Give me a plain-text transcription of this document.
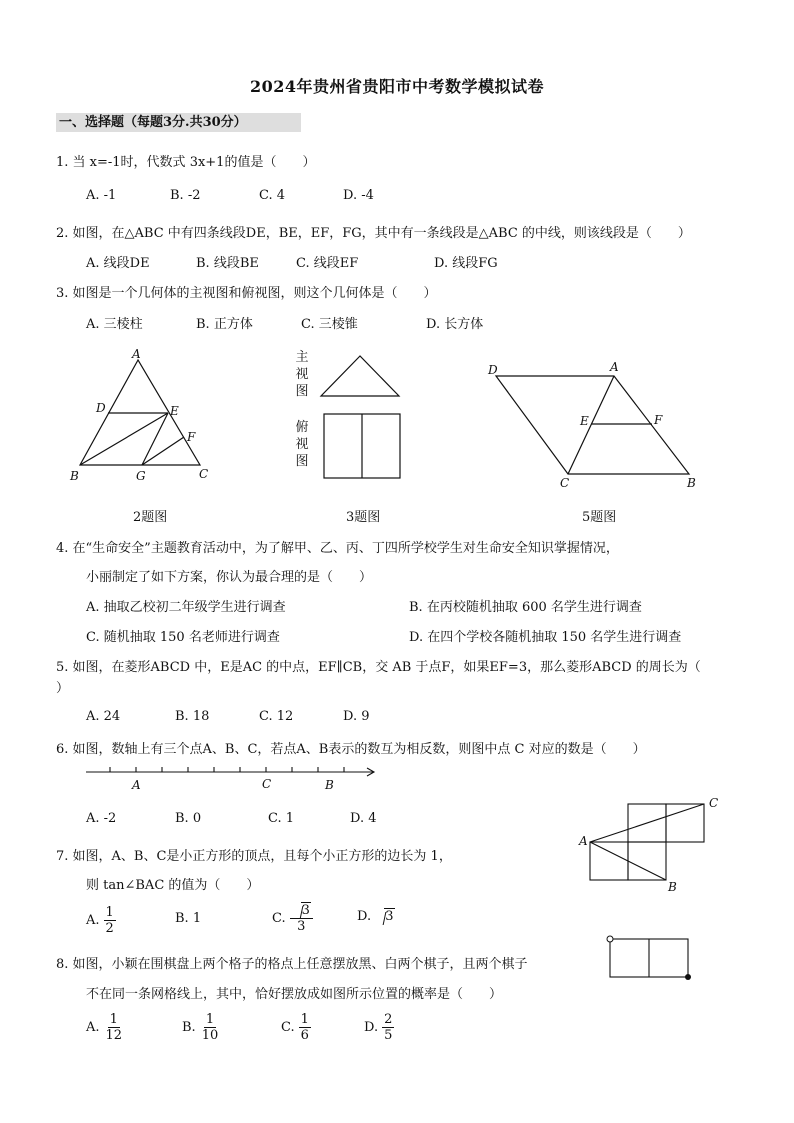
2024年贵州省贵阳市中考数学模拟试卷
一、选择题（每题3分.共30分）
1. 当 x=-1时，代数式 3x+1的值是（　　）
A. -1	B. -2	C. 4	D. -4
2. 如图，在△ABC 中有四条线段DE，BE，EF，FG，其中有一条线段是△ABC 的中线，则该线段是（　　）
A. 线段DE	B. 线段BE	C. 线段EF	D. 线段FG
3. 如图是一个几何体的主视图和俯视图，则这个几何体是（　　）
A. 三棱柱	B. 正方体	C. 三棱锥	D. 长方体
A
D	E
F
B	G	C
2题图
主视图
俯视图
3题图
D	A
E	F
C	B
5题图
4. 在“生命安全”主题教育活动中，为了解甲、乙、丙、丁四所学校学生对生命安全知识掌握情况，
小丽制定了如下方案，你认为最合理的是（　　）
A. 抽取乙校初二年级学生进行调查	B. 在丙校随机抽取 600 名学生进行调查
C. 随机抽取 150 名老师进行调查	D. 在四个学校各随机抽取 150 名学生进行调查
5. 如图，在菱形ABCD 中，E是AC 的中点，EF∥CB，交 AB 于点F，如果EF=3，那么菱形ABCD 的周长为（
）
A. 24	B. 18	C. 12	D. 9
6. 如图，数轴上有三个点A、B、C，若点A、B表示的数互为相反数，则图中点 C 对应的数是（　　）
A	C	B
A. -2	B. 0	C. 1	D. 4
A
C
B
7. 如图，A、B、C是小正方形的顶点，且每个小正方形的边长为 1，
则 tan∠BAC 的值为（　　）
A. $\frac{1}{2}$	B. 1	C. $\frac{3}{3}$	D. 3
8. 如图，小颖在围棋盘上两个格子的格点上任意摆放黑、白两个棋子，且两个棋子
不在同一条网格线上，其中，恰好摆放成如图所示位置的概率是（　　）
A. $\frac{1}{12}$	B. $\frac{1}{10}$	C. $\frac{1}{6}$	D. $\frac{2}{5}$
